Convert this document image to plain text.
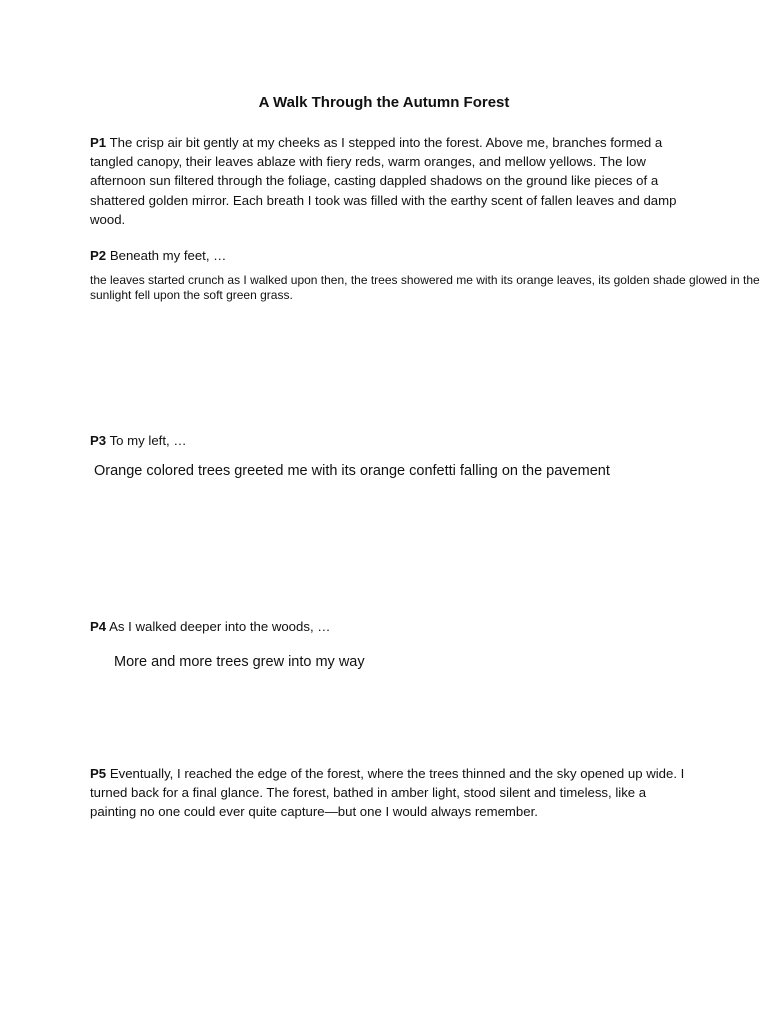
A Walk Through the Autumn Forest
P1 The crisp air bit gently at my cheeks as I stepped into the forest. Above me, branches formed a tangled canopy, their leaves ablaze with fiery reds, warm oranges, and mellow yellows. The low afternoon sun filtered through the foliage, casting dappled shadows on the ground like pieces of a shattered golden mirror. Each breath I took was filled with the earthy scent of fallen leaves and damp wood.
P2 Beneath my feet, …
the leaves started crunch as I walked upon then, the trees showered me with its orange leaves, its golden shade glowed in the sunlight fell upon the soft green grass.
P3 To my left, …
Orange colored trees greeted me with its orange confetti falling on the pavement
P4 As I walked deeper into the woods, …
More and more trees grew into my way
P5 Eventually, I reached the edge of the forest, where the trees thinned and the sky opened up wide. I turned back for a final glance. The forest, bathed in amber light, stood silent and timeless, like a painting no one could ever quite capture—but one I would always remember.
